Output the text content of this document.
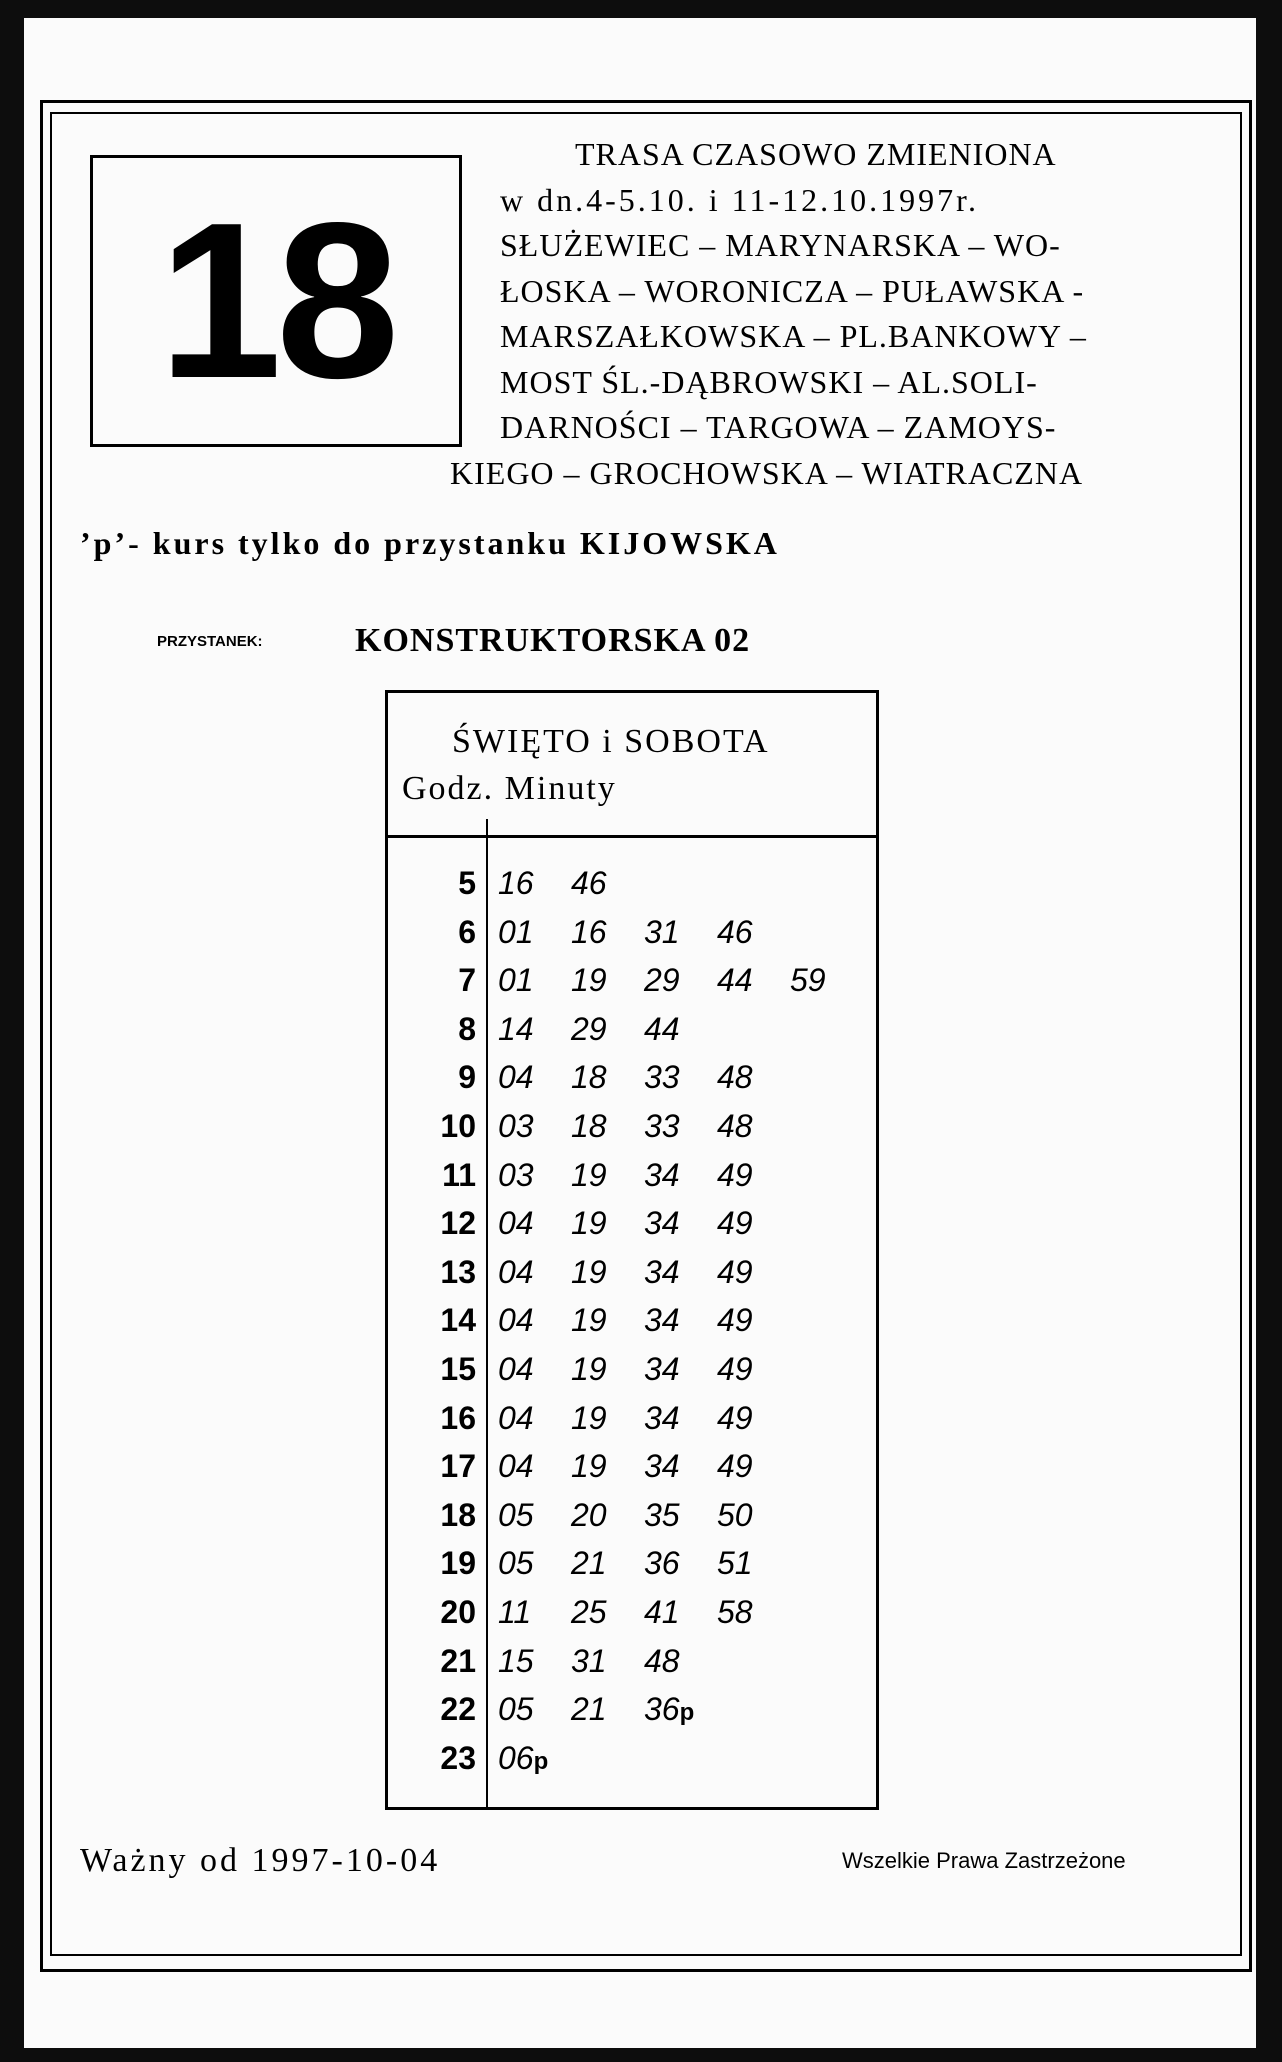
18
TRASA CZASOWO ZMIENIONA
w dn.4-5.10. i 11-12.10.1997r.
SŁUŻEWIEC – MARYNARSKA – WO-
ŁOSKA – WORONICZA – PUŁAWSKA -
MARSZAŁKOWSKA – PL.BANKOWY –
MOST ŚL.-DĄBROWSKI – AL.SOLI-
DARNOŚCI – TARGOWA – ZAMOYS-
KIEGO – GROCHOWSKA – WIATRACZNA
’p’- kurs tylko do przystanku KIJOWSKA
PRZYSTANEK:	KONSTRUKTORSKA 02
ŚWIĘTO i SOBOTA
Godz. Minuty
5 16 46
6 01 16 31 46
7 01 19 29 44 59
8 14 29 44
9 04 18 33 48
10 03 18 33 48
11 03 19 34 49
12 04 19 34 49
13 04 19 34 49
14 04 19 34 49
15 04 19 34 49
16 04 19 34 49
17 04 19 34 49
18 05 20 35 50
19 05 21 36 51
20 11 25 41 58
21 15 31 48
22 05 21 36p
23 06p
Ważny od 1997-10-04	Wszelkie Prawa Zastrzeżone
